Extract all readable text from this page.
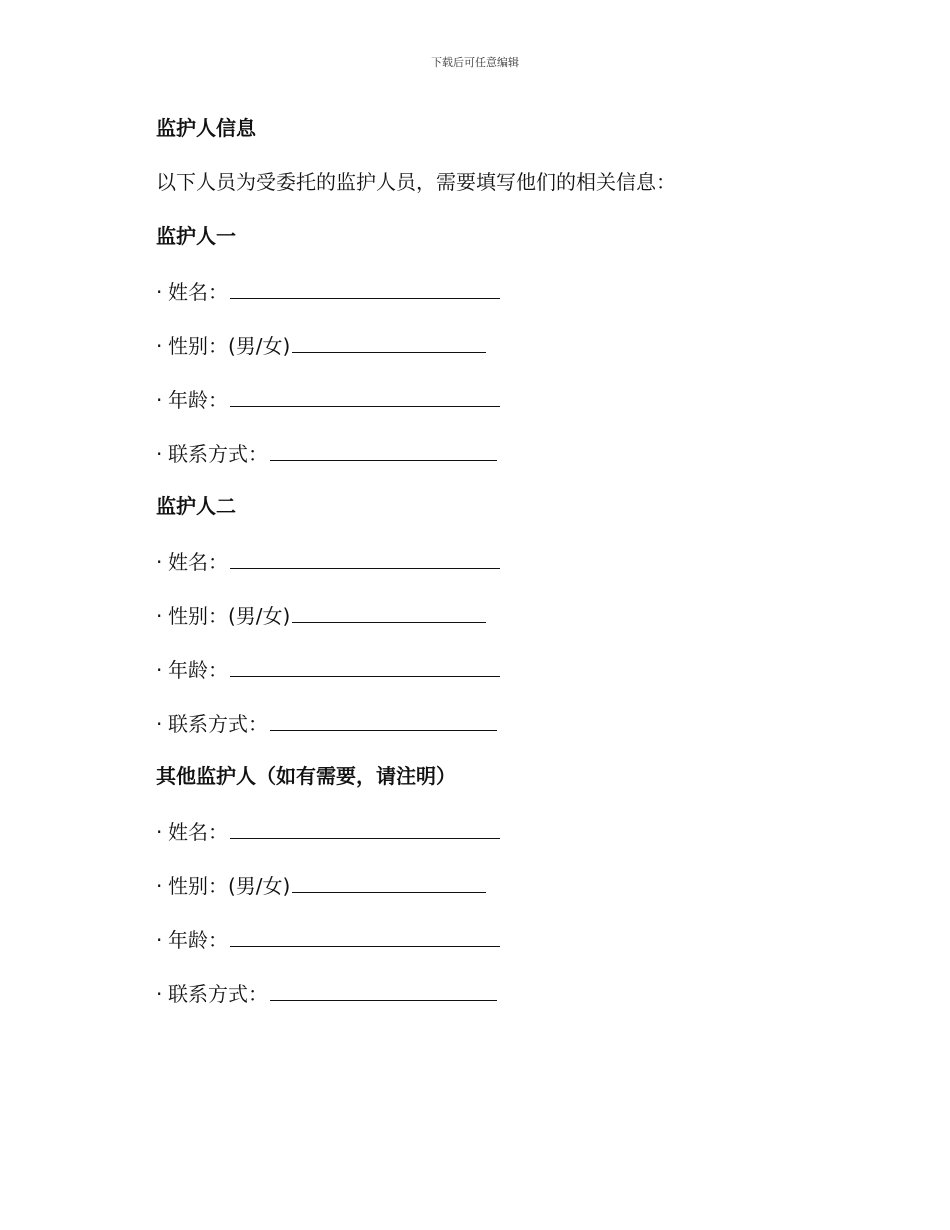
下载后可任意编辑
监护人信息
以下人员为受委托的监护人员，需要填写他们的相关信息：
监护人一
· 姓名：
· 性别：(男/女)
· 年龄：
· 联系方式：
监护人二
· 姓名：
· 性别：(男/女)
· 年龄：
· 联系方式：
其他监护人（如有需要，请注明）
· 姓名：
· 性别：(男/女)
· 年龄：
· 联系方式：
